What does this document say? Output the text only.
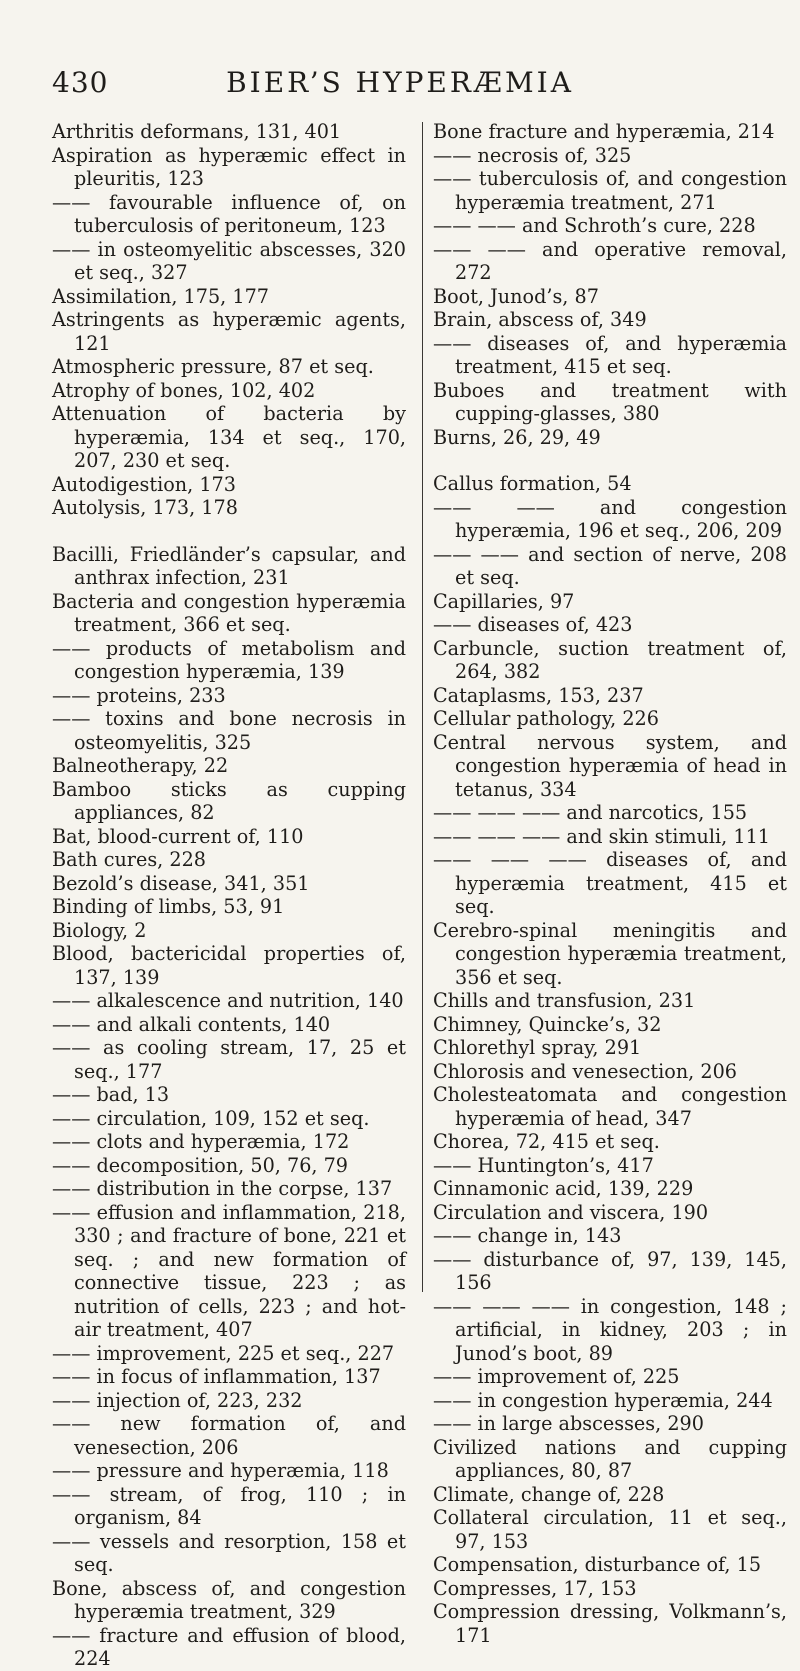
430	BIER’S HYPERÆMIA

Arthritis deformans, 131, 401

Aspiration as hyperæmic effect in pleuritis, 123

—— favourable influence of, on tuberculosis of peritoneum, 123

—— in osteomyelitic abscesses, 320 et seq., 327

Assimilation, 175, 177

Astringents as hyperæmic agents, 121

Atmospheric pressure, 87 et seq.

Atrophy of bones, 102, 402

Attenuation of bacteria by hyperæmia, 134 et seq., 170, 207, 230 et seq.

Autodigestion, 173

Autolysis, 173, 178

Bacilli, Friedländer’s capsular, and anthrax infection, 231

Bacteria and congestion hyperæmia treatment, 366 et seq.

—— products of metabolism and congestion hyperæmia, 139

—— proteins, 233

—— toxins and bone necrosis in osteomyelitis, 325

Balneotherapy, 22

Bamboo sticks as cupping appliances, 82

Bat, blood-current of, 110

Bath cures, 228

Bezold’s disease, 341, 351

Binding of limbs, 53, 91

Biology, 2

Blood, bactericidal properties of, 137, 139

—— alkalescence and nutrition, 140

—— and alkali contents, 140

—— as cooling stream, 17, 25 et seq., 177

—— bad, 13

—— circulation, 109, 152 et seq.

—— clots and hyperæmia, 172

—— decomposition, 50, 76, 79

—— distribution in the corpse, 137

—— effusion and inflammation, 218, 330 ; and fracture of bone, 221 et seq. ; and new formation of connective tissue, 223 ; as nutrition of cells, 223 ; and hot-air treatment, 407

—— improvement, 225 et seq., 227

—— in focus of inflammation, 137

—— injection of, 223, 232

—— new formation of, and venesection, 206

—— pressure and hyperæmia, 118

—— stream, of frog, 110 ; in organism, 84

—— vessels and resorption, 158 et seq.

Bone, abscess of, and congestion hyperæmia treatment, 329

—— fracture and effusion of blood, 224

Bone fracture and hyperæmia, 214

—— necrosis of, 325

—— tuberculosis of, and congestion hyperæmia treatment, 271

—— —— and Schroth’s cure, 228

—— —— and operative removal, 272

Boot, Junod’s, 87

Brain, abscess of, 349

—— diseases of, and hyperæmia treatment, 415 et seq.

Buboes and treatment with cupping-glasses, 380

Burns, 26, 29, 49

Callus formation, 54

—— —— and congestion hyperæmia, 196 et seq., 206, 209

—— —— and section of nerve, 208 et seq.

Capillaries, 97

—— diseases of, 423

Carbuncle, suction treatment of, 264, 382

Cataplasms, 153, 237

Cellular pathology, 226

Central nervous system, and congestion hyperæmia of head in tetanus, 334

—— —— —— and narcotics, 155

—— —— —— and skin stimuli, 111

—— —— —— diseases of, and hyperæmia treatment, 415 et seq.

Cerebro-spinal meningitis and congestion hyperæmia treatment, 356 et seq.

Chills and transfusion, 231

Chimney, Quincke’s, 32

Chlorethyl spray, 291

Chlorosis and venesection, 206

Cholesteatomata and congestion hyperæmia of head, 347

Chorea, 72, 415 et seq.

—— Huntington’s, 417

Cinnamonic acid, 139, 229

Circulation and viscera, 190

—— change in, 143

—— disturbance of, 97, 139, 145, 156

—— —— —— in congestion, 148 ; artificial, in kidney, 203 ; in Junod’s boot, 89

—— improvement of, 225

—— in congestion hyperæmia, 244

—— in large abscesses, 290

Civilized nations and cupping appliances, 80, 87

Climate, change of, 228

Collateral circulation, 11 et seq., 97, 153

Compensation, disturbance of, 15

Compresses, 17, 153

Compression dressing, Volkmann’s, 171
